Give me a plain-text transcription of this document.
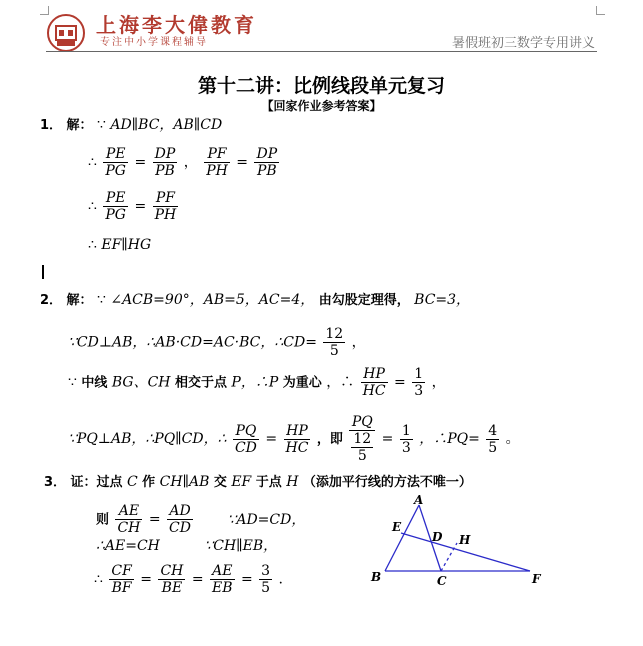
上海李大偉教育
专注中小学课程辅导	暑假班初三数学专用讲义
第十二讲：比例线段单元复习
【回家作业参考答案】
1． 解： ∵ AD∥BC，AB∥CD
∴ $\frac{PE}{PG} = \frac{DP}{PB}$ ， $\frac{PF}{PH} = \frac{DP}{PB}$
∴ $\frac{PE}{PG} = \frac{PF}{PH}$
∴ EF∥HG
2． 解： ∵ ∠ACB=90°，AB=5，AC=4， 由勾股定理得， BC=3，
∵CD⊥AB，∴AB·CD=AC·BC，∴CD= $\frac{12}{5}$ ，
∵ 中线 BG、CH 相交于点 P，∴P 为重心 ，∴ $\frac{HP}{HC} = \frac{1}{3}$ ，
∵PQ⊥AB，∴PQ∥CD，∴ $\frac{PQ}{CD} = \frac{HP}{HC}$ ，即 $\frac{PQ}{\frac{12}{5}} = \frac{1}{3}$ ，∴PQ= $\frac{4}{5}$ 。
3． 证：过点 C 作 CH∥AB 交 EF 于点 H （添加平行线的方法不唯一）
则 $\frac{AE}{CH} = \frac{AD}{CD}$ ∵AD=CD，
∴AE=CH	∵CH∥EB，
∴ $\frac{CF}{BF} = \frac{CH}{BE} = \frac{AE}{EB} = \frac{3}{5}$ .
A
B	C
D
E
F
H
